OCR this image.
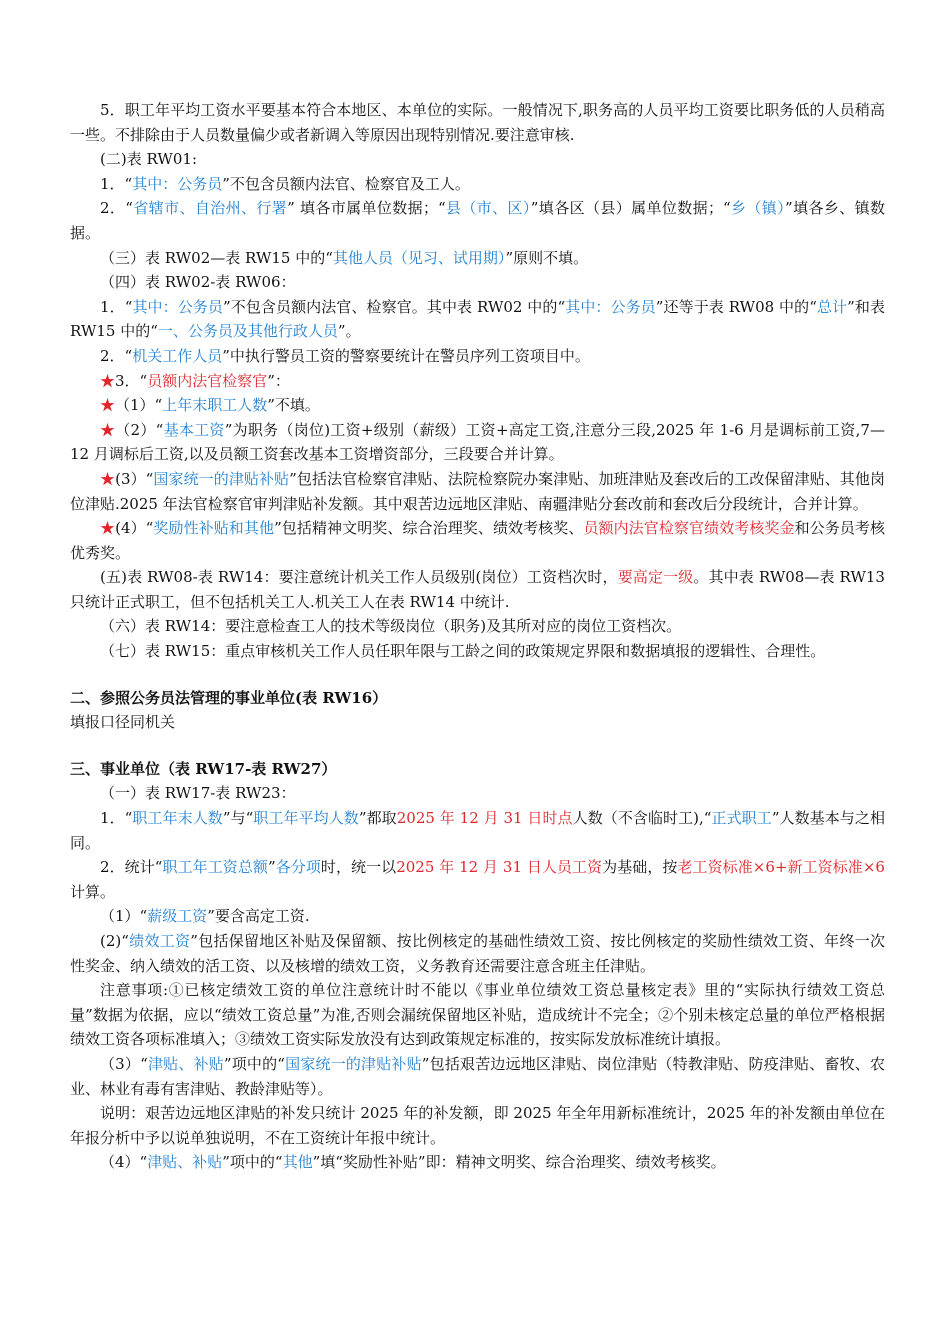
5．职工年平均工资水平要基本符合本地区、本单位的实际。一般情况下,职务高的人员平均工资要比职务低的人员稍高一些。不排除由于人员数量偏少或者新调入等原因出现特别情况.要注意审核.

(二)表 RW01:

1．“其中：公务员”不包含员额内法官、检察官及工人。

2．“省辖市、自治州、行署” 填各市属单位数据；“县（市、区）”填各区（县）属单位数据；“乡（镇）”填各乡、镇数据。

（三）表 RW02—表 RW15 中的“其他人员（见习、试用期）”原则不填。

（四）表 RW02-表 RW06：

1．“其中：公务员”不包含员额内法官、检察官。其中表 RW02 中的“其中：公务员”还等于表 RW08 中的“总计”和表 RW15 中的“一、公务员及其他行政人员”。

2．“机关工作人员”中执行警员工资的警察要统计在警员序列工资项目中。

★3．“员额内法官检察官”：

★（1）“上年末职工人数”不填。

★（2）“基本工资”为职务（岗位)工资+级别（薪级）工资+高定工资,注意分三段,2025 年 1-6 月是调标前工资,7—12 月调标后工资,以及员额工资套改基本工资增资部分，三段要合并计算。

★(3）“国家统一的津贴补贴”包括法官检察官津贴、法院检察院办案津贴、加班津贴及套改后的工改保留津贴、其他岗位津贴.2025 年法官检察官审判津贴补发额。其中艰苦边远地区津贴、南疆津贴分套改前和套改后分段统计，合并计算。

★(4）“奖励性补贴和其他”包括精神文明奖、综合治理奖、绩效考核奖、员额内法官检察官绩效考核奖金和公务员考核优秀奖。

(五)表 RW08-表 RW14：要注意统计机关工作人员级别(岗位）工资档次时，要高定一级。其中表 RW08—表 RW13 只统计正式职工，但不包括机关工人.机关工人在表 RW14 中统计.

（六）表 RW14：要注意检查工人的技术等级岗位（职务)及其所对应的岗位工资档次。

（七）表 RW15：重点审核机关工作人员任职年限与工龄之间的政策规定界限和数据填报的逻辑性、合理性。

二、参照公务员法管理的事业单位(表 RW16）

填报口径同机关

三、事业单位（表 RW17-表 RW27）

（一）表 RW17-表 RW23：

1．“职工年末人数”与“职工年平均人数”都取2025 年 12 月 31 日时点人数（不含临时工),“正式职工”人数基本与之相同。

2．统计“职工年工资总额”各分项时，统一以2025 年 12 月 31 日人员工资为基础，按老工资标准×6+新工资标准×6计算。

（1）“薪级工资”要含高定工资.

(2)“绩效工资”包括保留地区补贴及保留额、按比例核定的基础性绩效工资、按比例核定的奖励性绩效工资、年终一次性奖金、纳入绩效的活工资、以及核增的绩效工资，义务教育还需要注意含班主任津贴。

注意事项:①已核定绩效工资的单位注意统计时不能以《事业单位绩效工资总量核定表》里的“实际执行绩效工资总量”数据为依据，应以“绩效工资总量”为准,否则会漏统保留地区补贴，造成统计不完全；②个别未核定总量的单位严格根据绩效工资各项标准填入；③绩效工资实际发放没有达到政策规定标准的，按实际发放标准统计填报。

（3）“津贴、补贴”项中的“国家统一的津贴补贴”包括艰苦边远地区津贴、岗位津贴（特教津贴、防疫津贴、畜牧、农业、林业有毒有害津贴、教龄津贴等）。

说明：艰苦边远地区津贴的补发只统计 2025 年的补发额，即 2025 年全年用新标准统计，2025 年的补发额由单位在年报分析中予以说单独说明，不在工资统计年报中统计。

（4）“津贴、补贴”项中的“其他”填“奖励性补贴”即：精神文明奖、综合治理奖、绩效考核奖。
